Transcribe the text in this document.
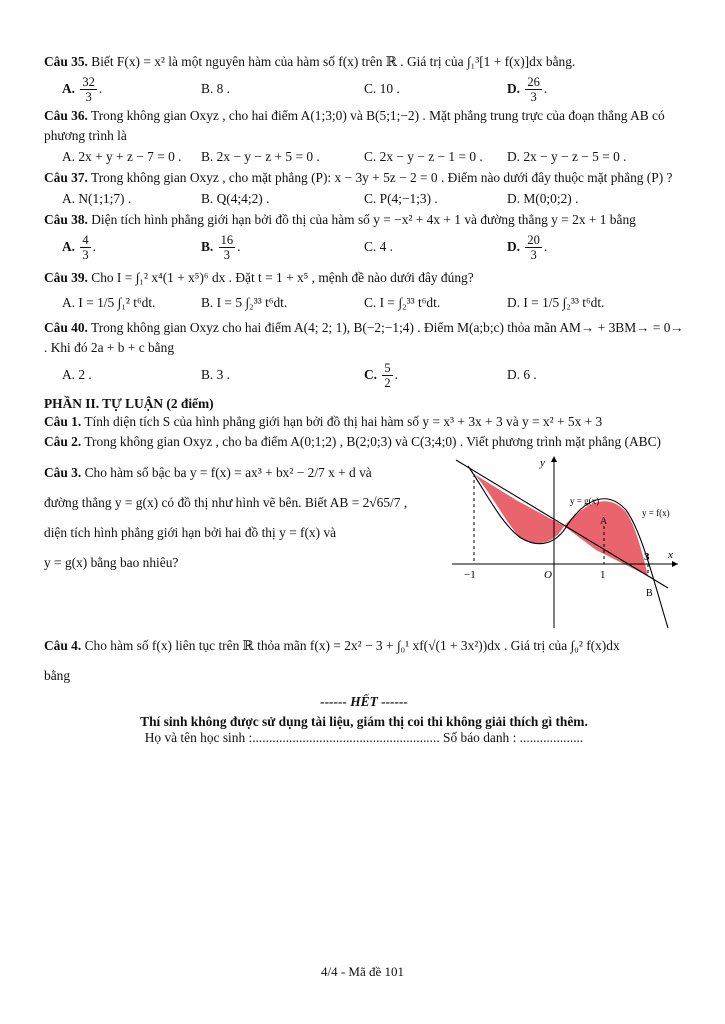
Câu 35. Biết F(x) = x² là một nguyên hàm của hàm số f(x) trên ℝ . Giá trị của ∫₁³[1 + f(x)]dx bằng.
A. $\frac{32}{3}$ .	B. 8 .	C. 10 .	D. $\frac{26}{3}$ .
Câu 36. Trong không gian Oxyz , cho hai điểm A(1;3;0) và B(5;1;−2) . Mặt phẳng trung trực của đoạn thẳng AB có phương trình là
A. 2x + y + z − 7 = 0 . B. 2x − y − z + 5 = 0 .	C. 2x − y − z − 1 = 0 . D. 2x − y − z − 5 = 0 .
Câu 37. Trong không gian Oxyz , cho mặt phẳng (P): x − 3y + 5z − 2 = 0 . Điểm nào dưới đây thuộc mặt phẳng (P) ?
A. N(1;1;7) .	B. Q(4;4;2) .	C. P(4;−1;3) .	D. M(0;0;2) .
Câu 38. Diện tích hình phẳng giới hạn bởi đồ thị của hàm số y = −x² + 4x + 1 và đường thẳng y = 2x + 1 bằng
A. $\frac{4}{3}$ .	B. $\frac{16}{3}$ .	C. 4 .	D. $\frac{20}{3}$ .
Câu 39. Cho I = ∫₁² x⁴(1 + x⁵)⁶ dx . Đặt t = 1 + x⁵ , mệnh đề nào dưới đây đúng?
A. I = 1/5 ∫₁² t⁶dt.	B. I = 5 ∫₂³³ t⁶dt.	C. I = ∫₂³³ t⁶dt.	D. I = 1/5 ∫₂³³ t⁶dt.
Câu 40. Trong không gian Oxyz cho hai điểm A(4; 2; 1), B(−2;−1;4) . Điểm M(a;b;c) thỏa mãn AM→ + 3BM→ = 0→ . Khi đó 2a + b + c bằng
A. 2 .	B. 3 .	C. $\frac{5}{2}$ .	D. 6 .
PHẦN II. TỰ LUẬN (2 điểm)
Câu 1. Tính diện tích S của hình phẳng giới hạn bởi đồ thị hai hàm số y = x³ + 3x + 3 và y = x² + 5x + 3
Câu 2. Trong không gian Oxyz , cho ba điểm A(0;1;2) , B(2;0;3) và C(3;4;0) . Viết phương trình mặt phẳng (ABC)
Câu 3. Cho hàm số bậc ba y = f(x) = ax³ + bx² − 2/7 x + d và
đường thẳng y = g(x) có đồ thị như hình vẽ bên. Biết AB = 2√65/7 ,
diện tích hình phẳng giới hạn bởi hai đồ thị y = f(x) và
y = g(x) bằng bao nhiêu?
y
x
y = g(x)
y = f(x)
A
B
O
−1	1
3
Câu 4. Cho hàm số f(x) liên tục trên ℝ thỏa mãn f(x) = 2x² − 3 + ∫₀¹ xf(√(1 + 3x²))dx . Giá trị của ∫₀² f(x)dx
bằng
------ HẾT ------
Thí sinh không được sử dụng tài liệu, giám thị coi thi không giải thích gì thêm.
Họ và tên học sinh :........................................................ Số báo danh : ...................
4/4 - Mã đề 101
